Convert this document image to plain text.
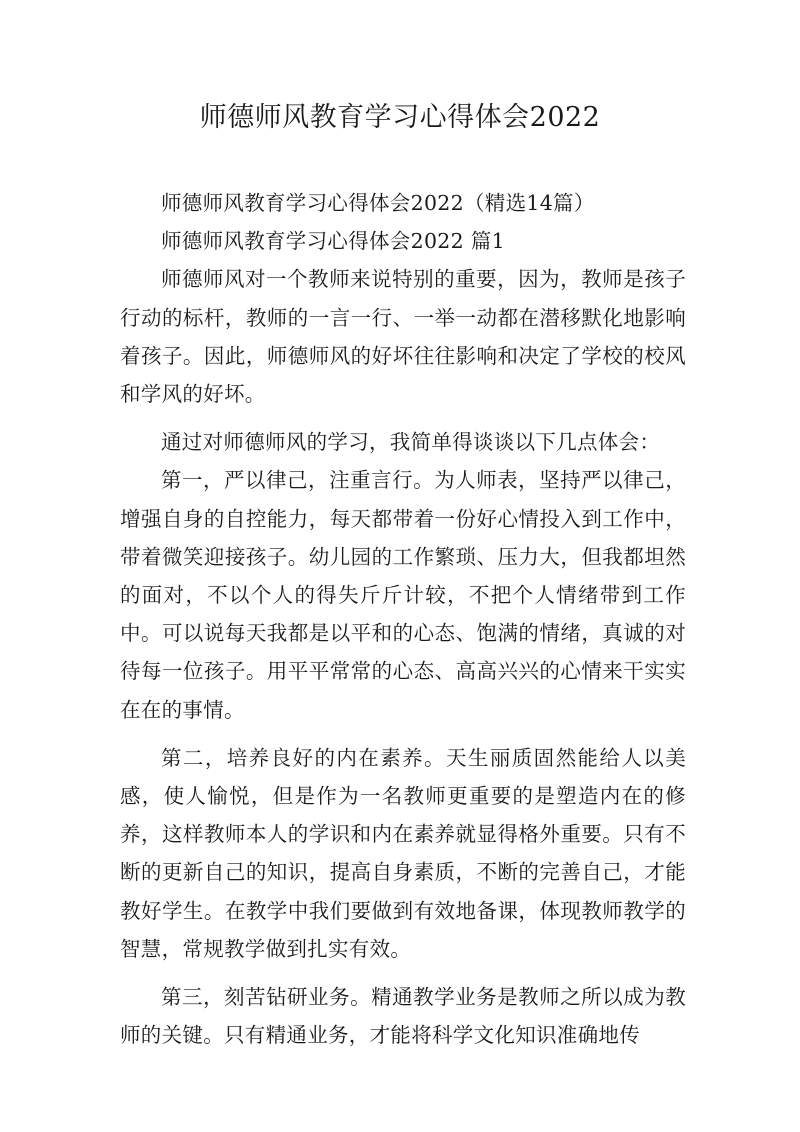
师德师风教育学习心得体会2022

师德师风教育学习心得体会2022（精选14篇）

师德师风教育学习心得体会2022 篇1

师德师风对一个教师来说特别的重要，因为，教师是孩子行动的标杆，教师的一言一行、一举一动都在潜移默化地影响着孩子。因此，师德师风的好坏往往影响和决定了学校的校风和学风的好坏。

通过对师德师风的学习，我简单得谈谈以下几点体会：

第一，严以律己，注重言行。为人师表，坚持严以律己，增强自身的自控能力，每天都带着一份好心情投入到工作中，带着微笑迎接孩子。幼儿园的工作繁琐、压力大，但我都坦然的面对，不以个人的得失斤斤计较，不把个人情绪带到工作中。可以说每天我都是以平和的心态、饱满的情绪，真诚的对待每一位孩子。用平平常常的心态、高高兴兴的心情来干实实在在的事情。

第二，培养良好的内在素养。天生丽质固然能给人以美感，使人愉悦，但是作为一名教师更重要的是塑造内在的修养，这样教师本人的学识和内在素养就显得格外重要。只有不断的更新自己的知识，提高自身素质，不断的完善自己，才能教好学生。在教学中我们要做到有效地备课，体现教师教学的智慧，常规教学做到扎实有效。

第三，刻苦钻研业务。精通教学业务是教师之所以成为教师的关键。只有精通业务，才能将科学文化知识准确地传
